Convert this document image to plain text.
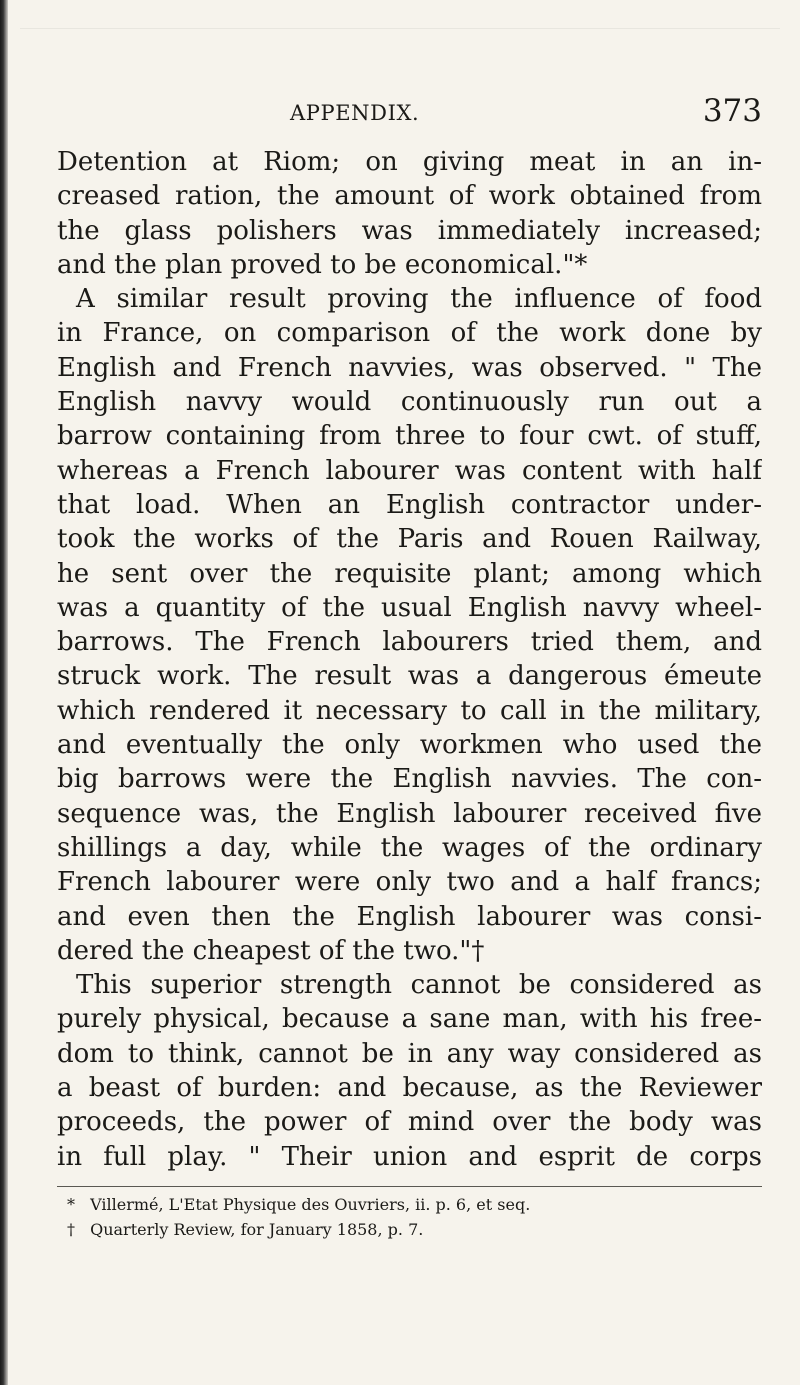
APPENDIX.	373
Detention at Riom; on giving meat in an in-
creased ration, the amount of work obtained from
the glass polishers was immediately increased;
and the plan proved to be economical."*
A similar result proving the influence of food
in France, on comparison of the work done by
English and French navvies, was observed. " The
English navvy would continuously run out a
barrow containing from three to four cwt. of stuff,
whereas a French labourer was content with half
that load. When an English contractor under-
took the works of the Paris and Rouen Railway,
he sent over the requisite plant; among which
was a quantity of the usual English navvy wheel-
barrows. The French labourers tried them, and
struck work. The result was a dangerous émeute
which rendered it necessary to call in the military,
and eventually the only workmen who used the
big barrows were the English navvies. The con-
sequence was, the English labourer received five
shillings a day, while the wages of the ordinary
French labourer were only two and a half francs;
and even then the English labourer was consi-
dered the cheapest of the two."†
This superior strength cannot be considered as
purely physical, because a sane man, with his free-
dom to think, cannot be in any way considered as
a beast of burden: and because, as the Reviewer
proceeds, the power of mind over the body was
in full play. " Their union and esprit de corps
* Villermé, L'Etat Physique des Ouvriers, ii. p. 6, et seq.
† Quarterly Review, for January 1858, p. 7.
